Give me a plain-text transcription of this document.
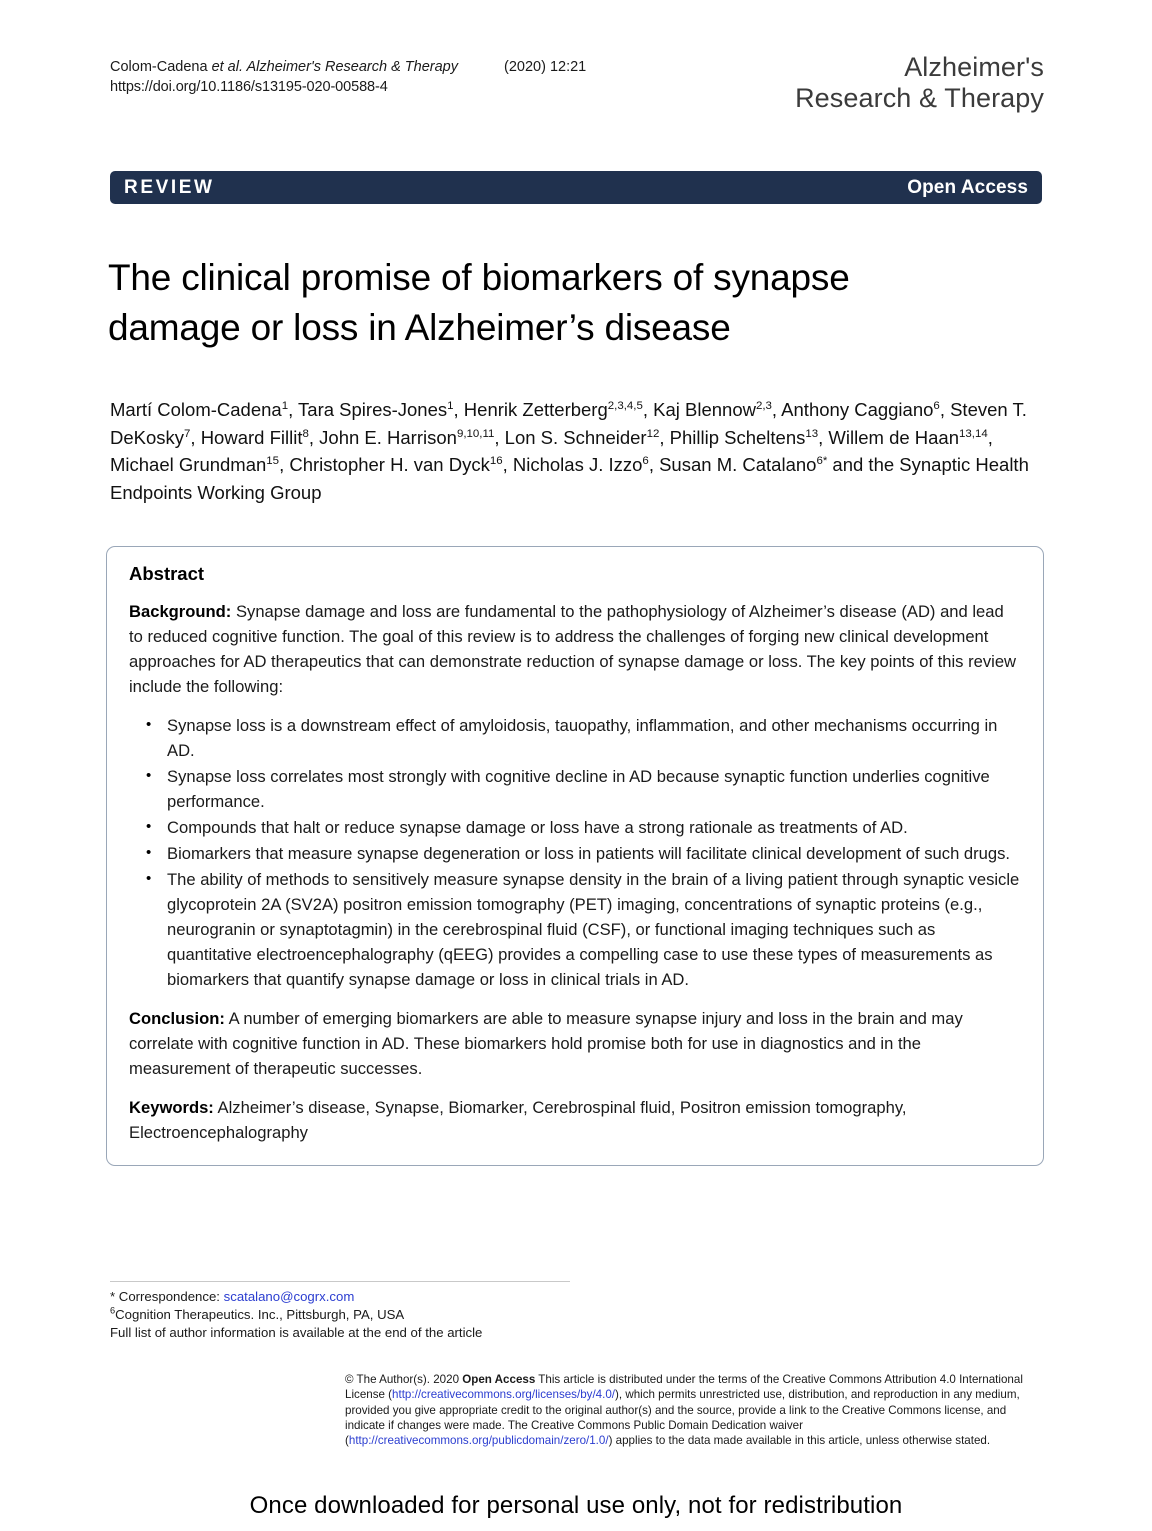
Colom-Cadena et al. Alzheimer's Research & Therapy	(2020) 12:21
https://doi.org/10.1186/s13195-020-00588-4
Alzheimer's
Research & Therapy
REVIEW	Open Access
The clinical promise of biomarkers of synapse damage or loss in Alzheimer’s disease
Martí Colom-Cadena$^1$, Tara Spires-Jones$^1$, Henrik Zetterberg$^{2,3,4,5}$, Kaj Blennow$^{2,3}$, Anthony Caggiano$^6$, Steven T. DeKosky$^7$, Howard Fillit$^8$, John E. Harrison$^{9,10,11}$, Lon S. Schneider$^{12}$, Phillip Scheltens$^{13}$, Willem de Haan$^{13,14}$, Michael Grundman$^{15}$, Christopher H. van Dyck$^{16}$, Nicholas J. Izzo$^6$, Susan M. Catalano$^{6*}$ and the Synaptic Health Endpoints Working Group
Abstract

Background: Synapse damage and loss are fundamental to the pathophysiology of Alzheimer’s disease (AD) and lead to reduced cognitive function. The goal of this review is to address the challenges of forging new clinical development approaches for AD therapeutics that can demonstrate reduction of synapse damage or loss. The key points of this review include the following:

• Synapse loss is a downstream effect of amyloidosis, tauopathy, inflammation, and other mechanisms occurring in AD.
• Synapse loss correlates most strongly with cognitive decline in AD because synaptic function underlies cognitive performance.
• Compounds that halt or reduce synapse damage or loss have a strong rationale as treatments of AD.
• Biomarkers that measure synapse degeneration or loss in patients will facilitate clinical development of such drugs.
• The ability of methods to sensitively measure synapse density in the brain of a living patient through synaptic vesicle glycoprotein 2A (SV2A) positron emission tomography (PET) imaging, concentrations of synaptic proteins (e.g., neurogranin or synaptotagmin) in the cerebrospinal fluid (CSF), or functional imaging techniques such as quantitative electroencephalography (qEEG) provides a compelling case to use these types of measurements as biomarkers that quantify synapse damage or loss in clinical trials in AD.

Conclusion: A number of emerging biomarkers are able to measure synapse injury and loss in the brain and may correlate with cognitive function in AD. These biomarkers hold promise both for use in diagnostics and in the measurement of therapeutic successes.

Keywords: Alzheimer’s disease, Synapse, Biomarker, Cerebrospinal fluid, Positron emission tomography, Electroencephalography

* Correspondence: scatalano@cogrx.com
$^6$Cognition Therapeutics. Inc., Pittsburgh, PA, USA
Full list of author information is available at the end of the article
© The Author(s). 2020 Open Access This article is distributed under the terms of the Creative Commons Attribution 4.0 International License (http://creativecommons.org/licenses/by/4.0/), which permits unrestricted use, distribution, and reproduction in any medium, provided you give appropriate credit to the original author(s) and the source, provide a link to the Creative Commons license, and indicate if changes were made. The Creative Commons Public Domain Dedication waiver (http://creativecommons.org/publicdomain/zero/1.0/) applies to the data made available in this article, unless otherwise stated.
Once downloaded for personal use only, not for redistribution
